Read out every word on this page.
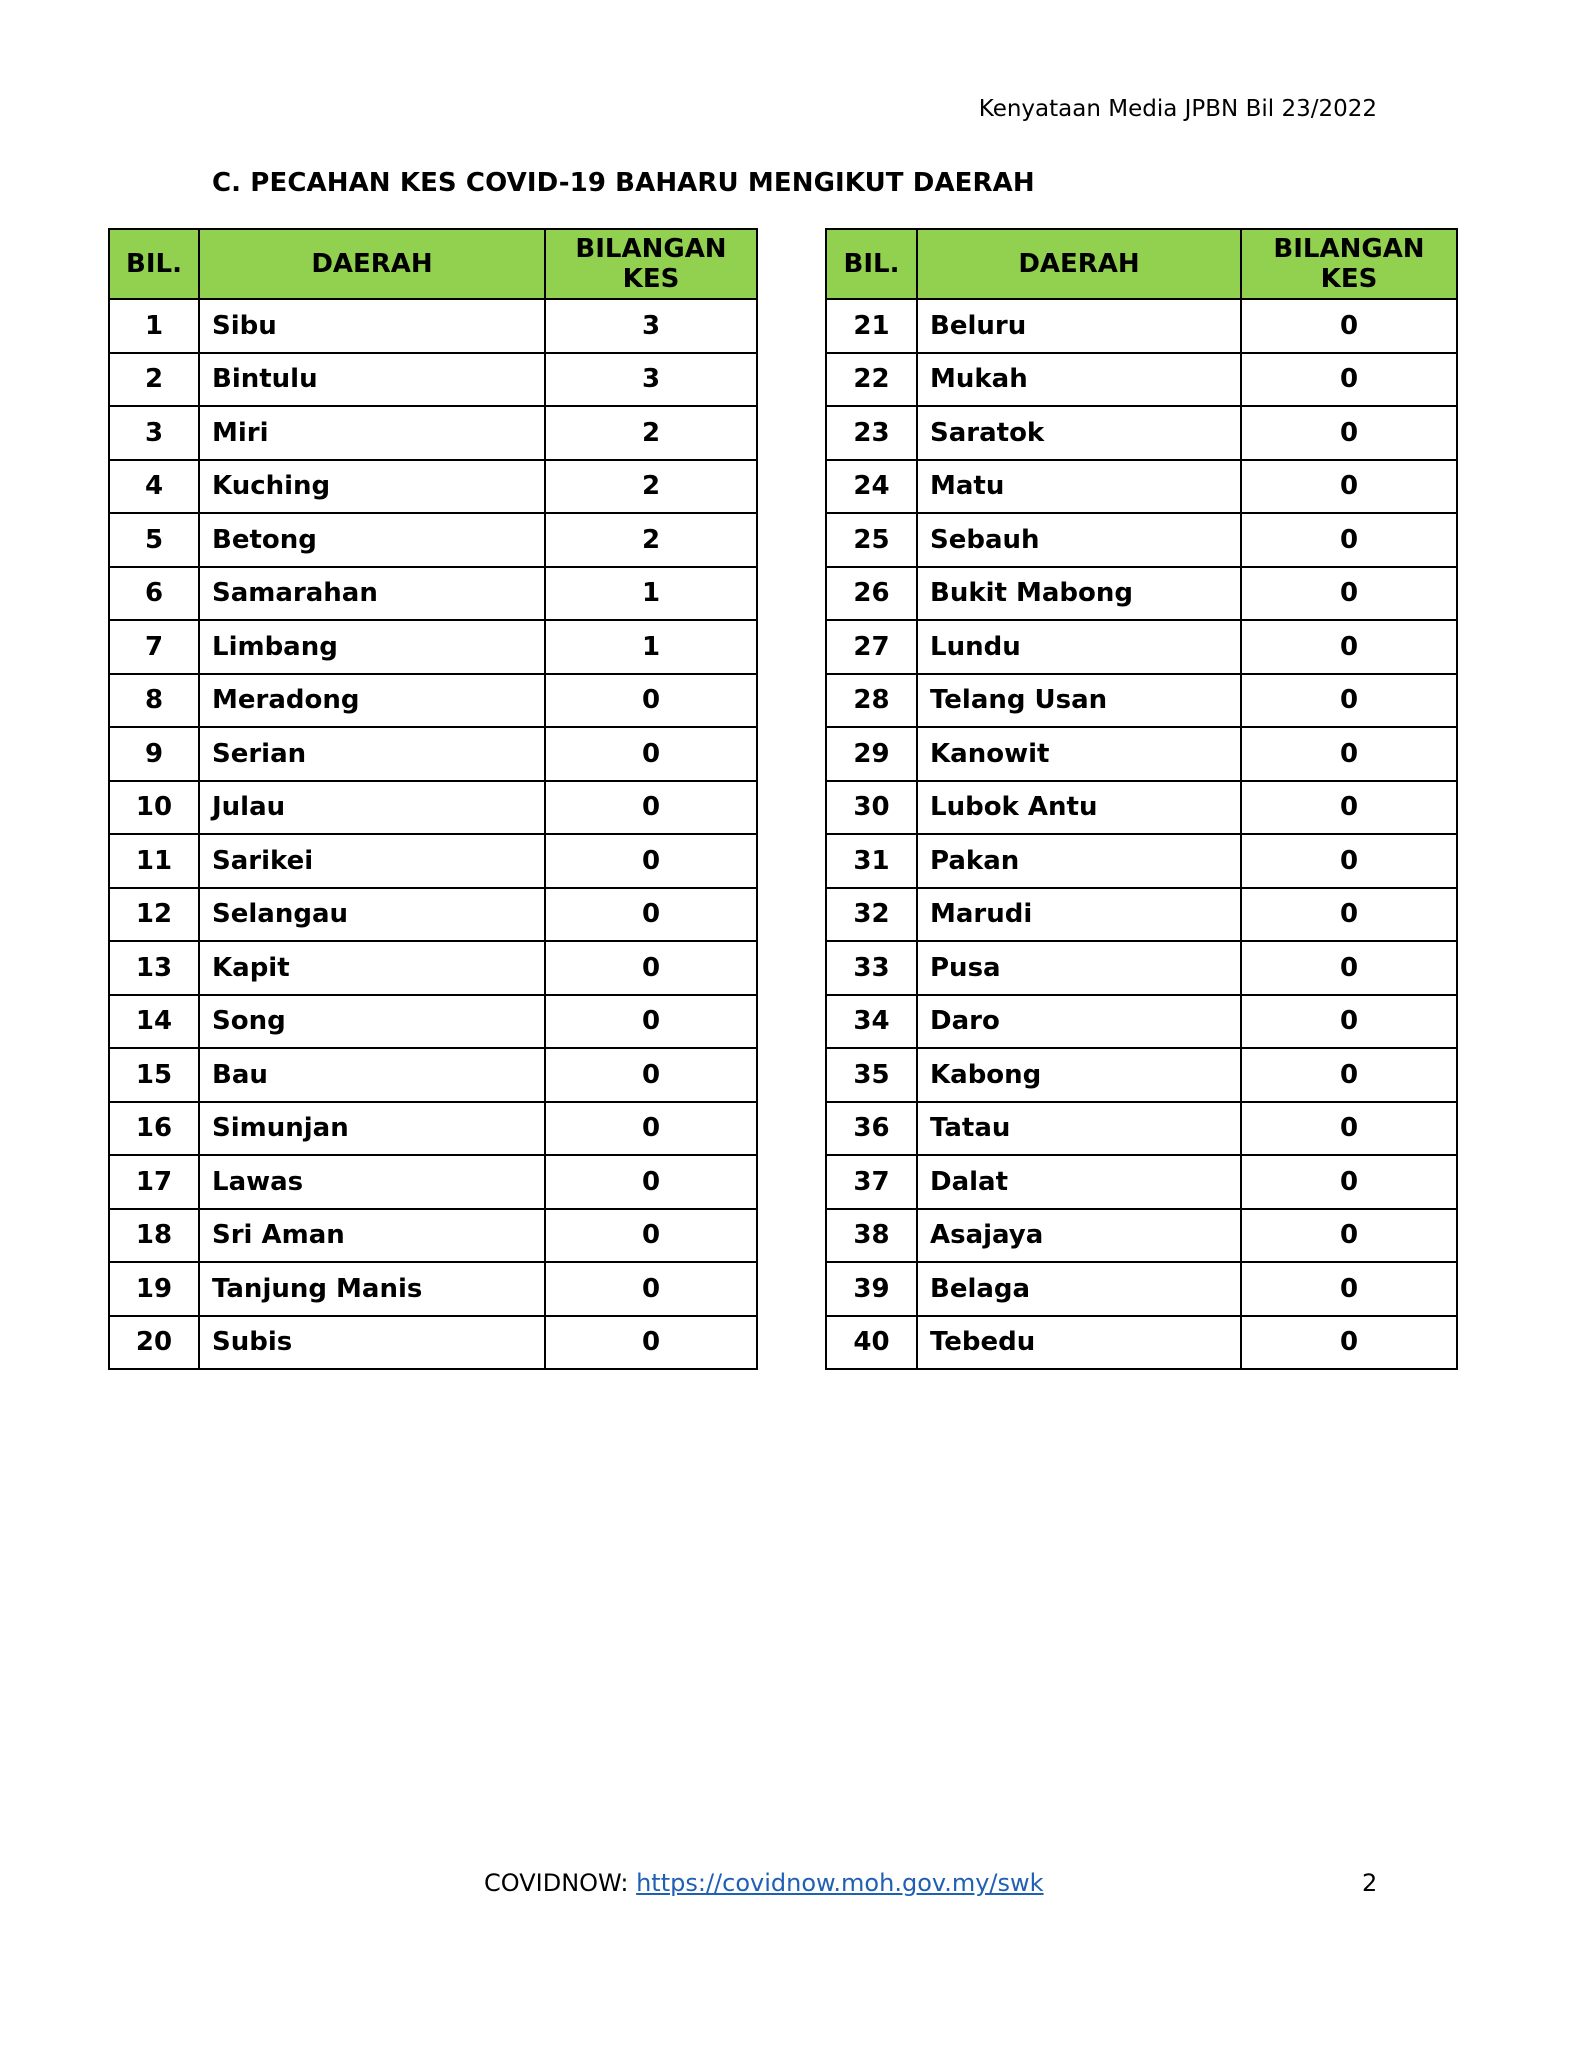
Kenyataan Media JPBN Bil 23/2022
C. PECAHAN KES COVID-19 BAHARU MENGIKUT DAERAH
BIL.	DAERAH	BILANGAN
KES
1	Sibu	3
2	Bintulu	3
3	Miri	2
4	Kuching	2
5	Betong	2
6	Samarahan	1
7	Limbang	1
8	Meradong	0
9	Serian	0
10	Julau	0
11	Sarikei	0
12	Selangau	0
13	Kapit	0
14	Song	0
15	Bau	0
16	Simunjan	0
17	Lawas	0
18	Sri Aman	0
19	Tanjung Manis	0
20	Subis	0
BIL.	DAERAH	BILANGAN
KES
21	Beluru	0
22	Mukah	0
23	Saratok	0
24	Matu	0
25	Sebauh	0
26	Bukit Mabong	0
27	Lundu	0
28	Telang Usan	0
29	Kanowit	0
30	Lubok Antu	0
31	Pakan	0
32	Marudi	0
33	Pusa	0
34	Daro	0
35	Kabong	0
36	Tatau	0
37	Dalat	0
38	Asajaya	0
39	Belaga	0
40	Tebedu	0
COVIDNOW: https://covidnow.moh.gov.my/swk	2
